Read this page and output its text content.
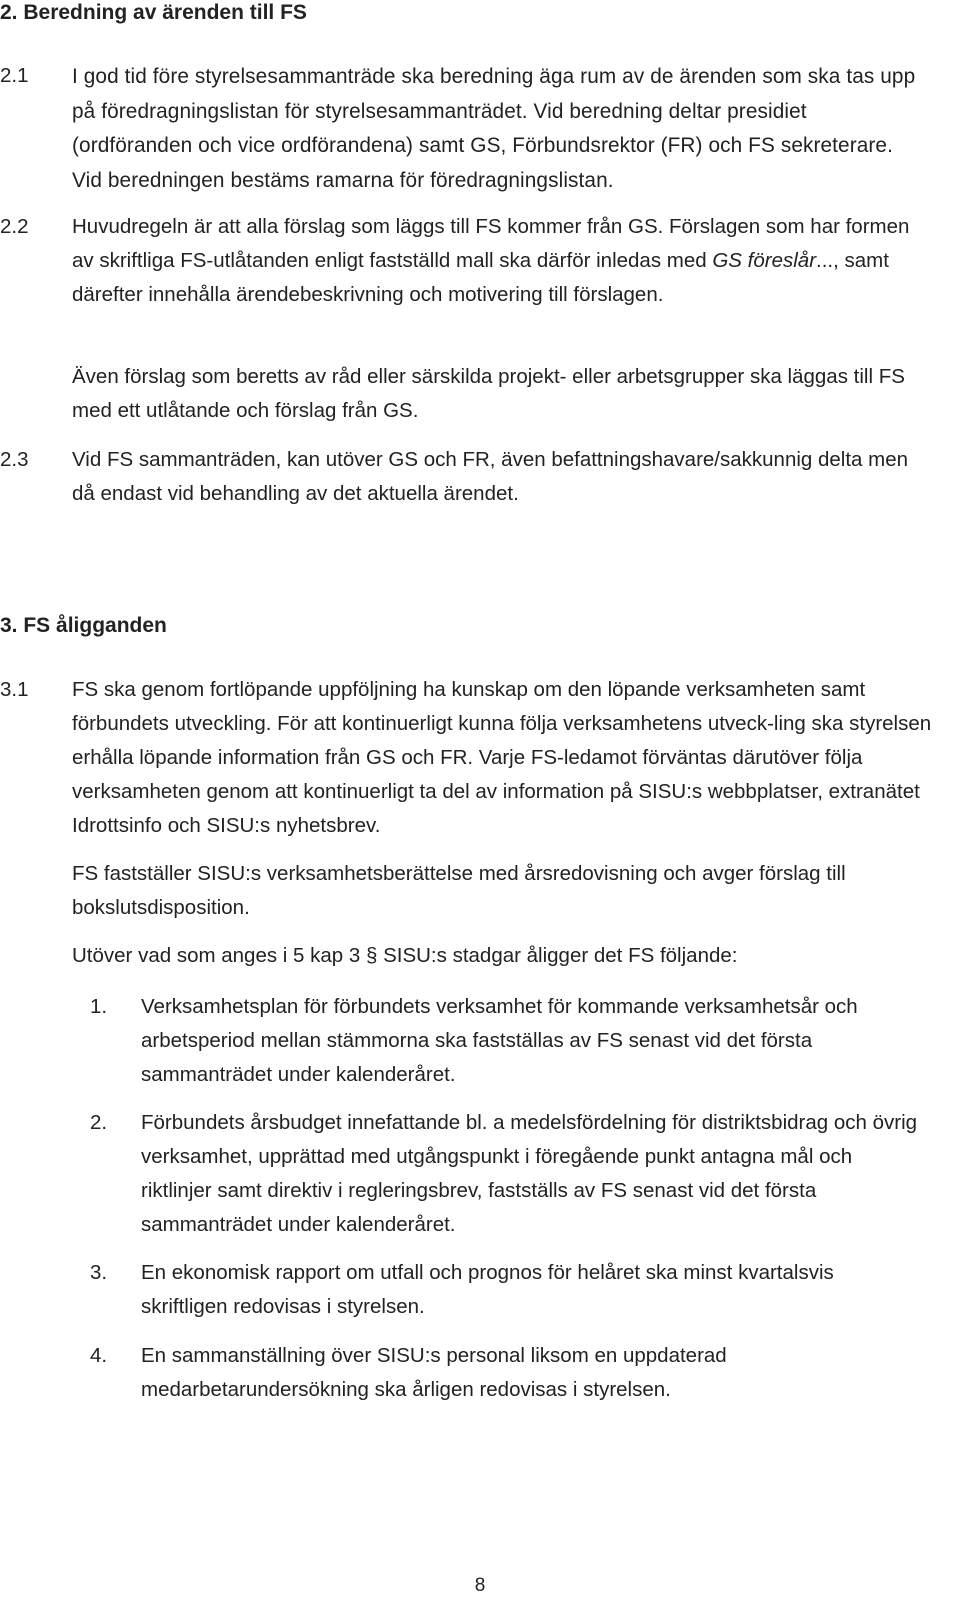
2. Beredning av ärenden till FS
2.1 I god tid före styrelsesammanträde ska beredning äga rum av de ärenden som ska tas upp på föredragningslistan för styrelsesammanträdet. Vid beredning deltar presidiet (ordföranden och vice ordförandena) samt GS, Förbundsrektor (FR) och FS sekreterare. Vid beredningen bestäms ramarna för föredragningslistan.
2.2 Huvudregeln är att alla förslag som läggs till FS kommer från GS. Förslagen som har formen av skriftliga FS-utlåtanden enligt fastställd mall ska därför inledas med GS föreslår..., samt därefter innehålla ärendebeskrivning och motivering till förslagen.
Även förslag som beretts av råd eller särskilda projekt- eller arbetsgrupper ska läggas till FS med ett utlåtande och förslag från GS.
2.3 Vid FS sammanträden, kan utöver GS och FR, även befattningshavare/sakkunnig delta men då endast vid behandling av det aktuella ärendet.
3. FS åligganden
3.1 FS ska genom fortlöpande uppföljning ha kunskap om den löpande verksamheten samt förbundets utveckling. För att kontinuerligt kunna följa verksamhetens utveck-ling ska styrelsen erhålla löpande information från GS och FR. Varje FS-ledamot förväntas därutöver följa verksamheten genom att kontinuerligt ta del av information på SISU:s webbplatser, extranätet Idrottsinfo och SISU:s nyhetsbrev.
FS fastställer SISU:s verksamhetsberättelse med årsredovisning och avger förslag till bokslutsdisposition.
Utöver vad som anges i 5 kap 3 § SISU:s stadgar åligger det FS följande:
1. Verksamhetsplan för förbundets verksamhet för kommande verksamhetsår och arbetsperiod mellan stämmorna ska fastställas av FS senast vid det första sammanträdet under kalenderåret.
2. Förbundets årsbudget innefattande bl. a medelsfördelning för distriktsbidrag och övrig verksamhet, upprättad med utgångspunkt i föregående punkt antagna mål och riktlinjer samt direktiv i regleringsbrev, fastställs av FS senast vid det första sammanträdet under kalenderåret.
3. En ekonomisk rapport om utfall och prognos för helåret ska minst kvartalsvis skriftligen redovisas i styrelsen.
4. En sammanställning över SISU:s personal liksom en uppdaterad medarbetarundersökning ska årligen redovisas i styrelsen.
8
